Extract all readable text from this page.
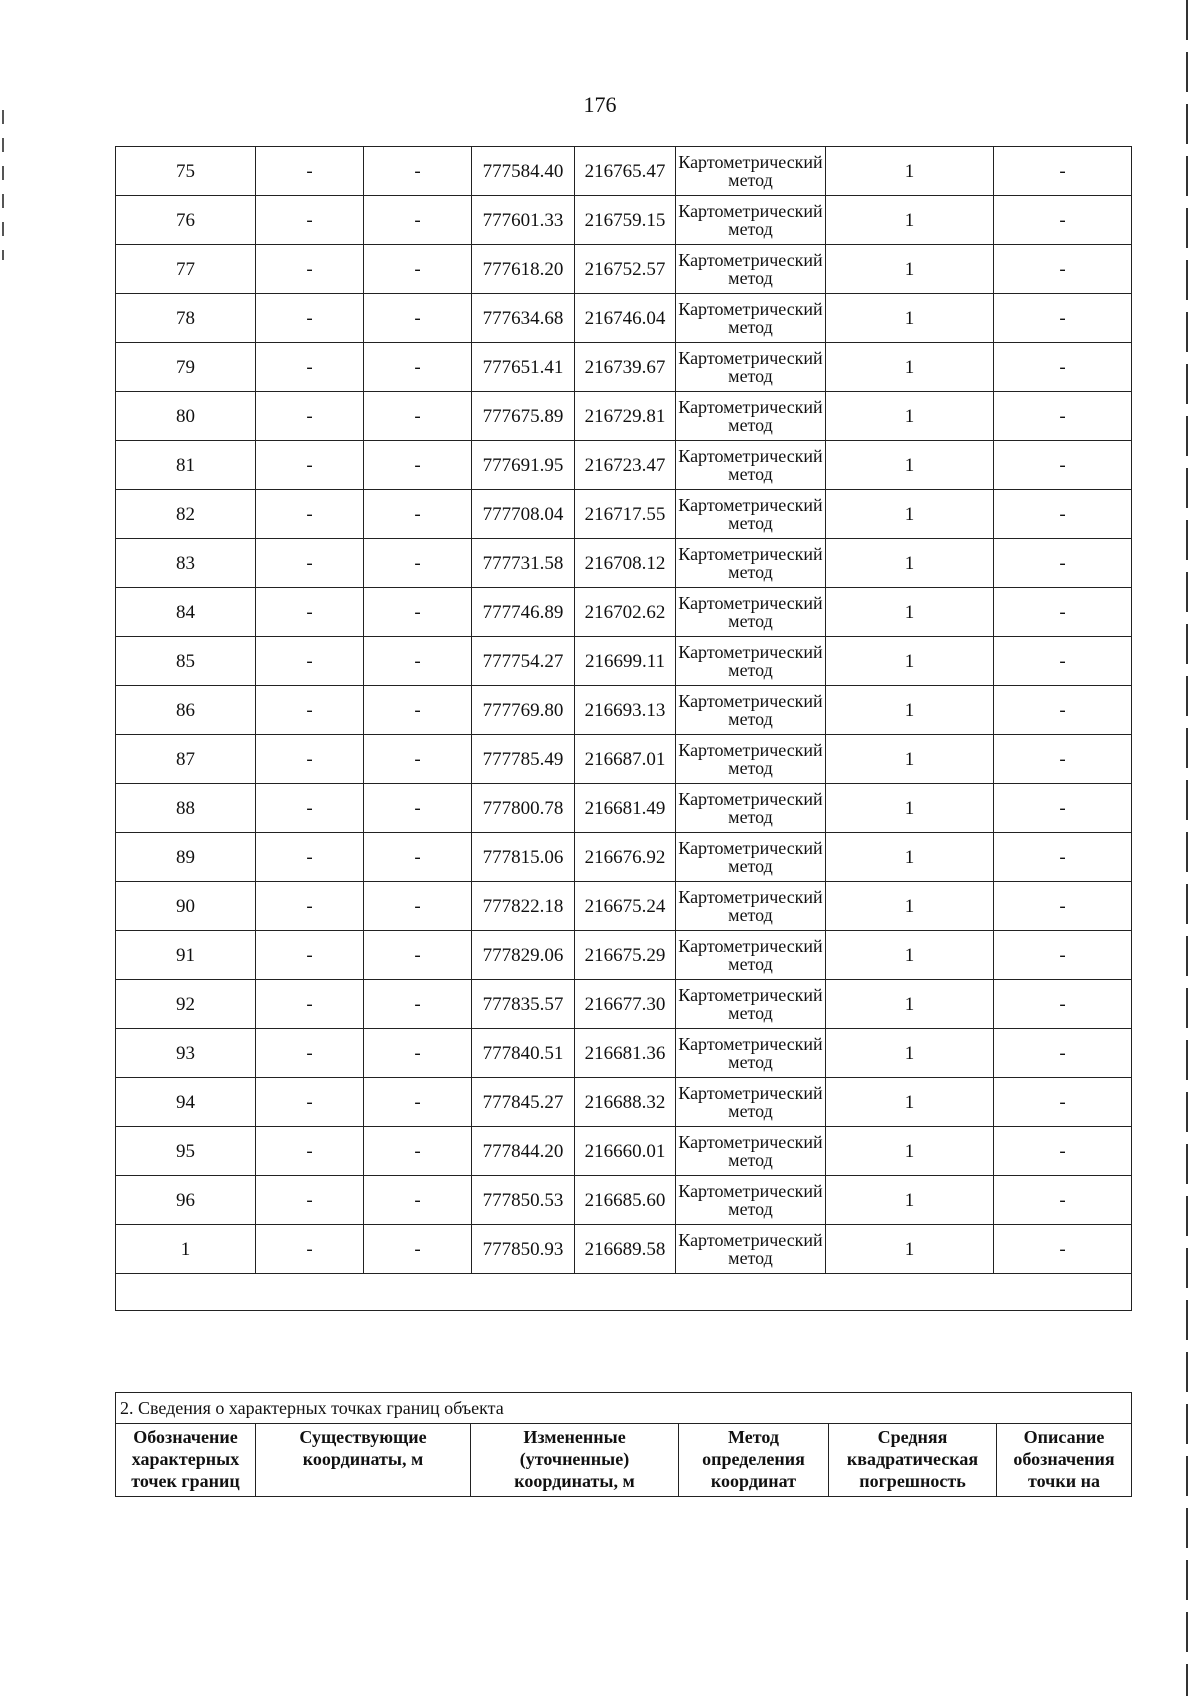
176
75	-	-	777584.40	216765.47	Картометрический метод	1	-
76	-	-	777601.33	216759.15	Картометрический метод	1	-
77	-	-	777618.20	216752.57	Картометрический метод	1	-
78	-	-	777634.68	216746.04	Картометрический метод	1	-
79	-	-	777651.41	216739.67	Картометрический метод	1	-
80	-	-	777675.89	216729.81	Картометрический метод	1	-
81	-	-	777691.95	216723.47	Картометрический метод	1	-
82	-	-	777708.04	216717.55	Картометрический метод	1	-
83	-	-	777731.58	216708.12	Картометрический метод	1	-
84	-	-	777746.89	216702.62	Картометрический метод	1	-
85	-	-	777754.27	216699.11	Картометрический метод	1	-
86	-	-	777769.80	216693.13	Картометрический метод	1	-
87	-	-	777785.49	216687.01	Картометрический метод	1	-
88	-	-	777800.78	216681.49	Картометрический метод	1	-
89	-	-	777815.06	216676.92	Картометрический метод	1	-
90	-	-	777822.18	216675.24	Картометрический метод	1	-
91	-	-	777829.06	216675.29	Картометрический метод	1	-
92	-	-	777835.57	216677.30	Картометрический метод	1	-
93	-	-	777840.51	216681.36	Картометрический метод	1	-
94	-	-	777845.27	216688.32	Картометрический метод	1	-
95	-	-	777844.20	216660.01	Картометрический метод	1	-
96	-	-	777850.53	216685.60	Картометрический метод	1	-
1	-	-	777850.93	216689.58	Картометрический метод	1	-

2. Сведения о характерных точках границ объекта
Обозначение характерных точек границ	Существующие координаты, м	Измененные (уточненные) координаты, м	Метод определения координат	Средняя квадратическая погрешность	Описание обозначения точки на
